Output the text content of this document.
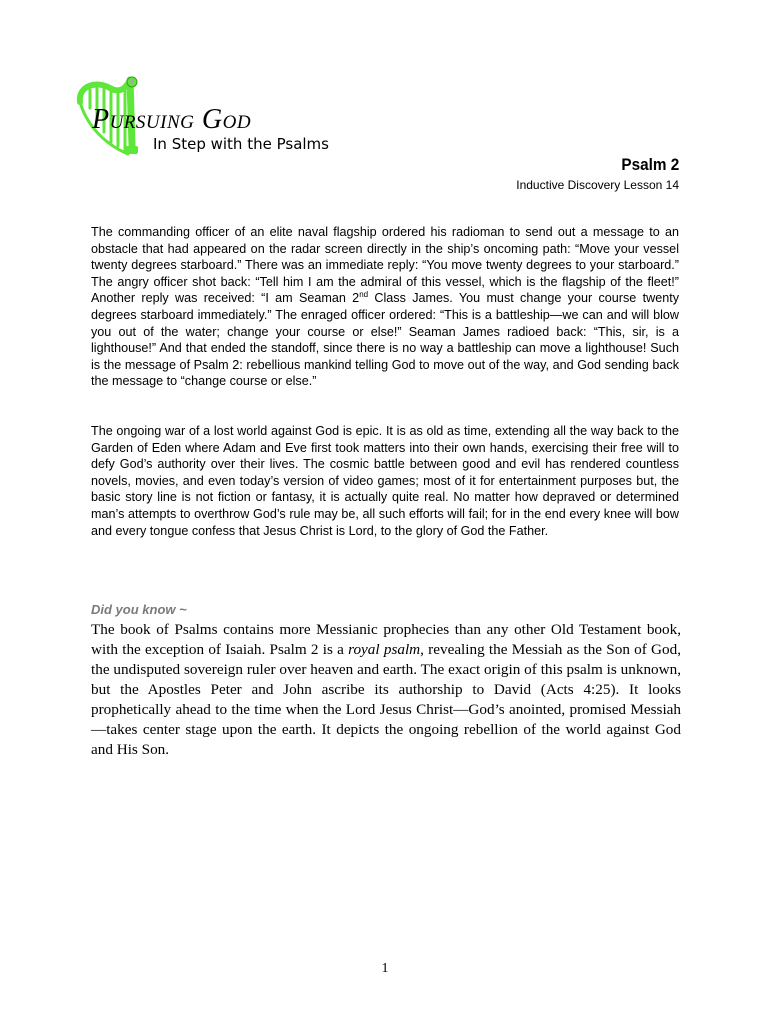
PURSUING GOD
In Step with the Psalms
Psalm 2
Inductive Discovery Lesson 14
The commanding officer of an elite naval flagship ordered his radioman to send out a message to an obstacle that had appeared on the radar screen directly in the ship’s oncoming path: “Move your vessel twenty degrees starboard.” There was an immediate reply: “You move twenty degrees to your starboard.” The angry officer shot back: “Tell him I am the admiral of this vessel, which is the flagship of the fleet!” Another reply was received: “I am Seaman 2nd Class James. You must change your course twenty degrees starboard immediately.” The enraged officer ordered: “This is a battleship—we can and will blow you out of the water; change your course or else!” Seaman James radioed back: “This, sir, is a lighthouse!” And that ended the standoff, since there is no way a battleship can move a lighthouse! Such is the message of Psalm 2: rebellious mankind telling God to move out of the way, and God sending back the message to “change course or else.”
The ongoing war of a lost world against God is epic. It is as old as time, extending all the way back to the Garden of Eden where Adam and Eve first took matters into their own hands, exercising their free will to defy God’s authority over their lives. The cosmic battle between good and evil has rendered countless novels, movies, and even today’s version of video games; most of it for entertainment purposes but, the basic story line is not fiction or fantasy, it is actually quite real. No matter how depraved or determined man’s attempts to overthrow God’s rule may be, all such efforts will fail; for in the end every knee will bow and every tongue confess that Jesus Christ is Lord, to the glory of God the Father.
Did you know ~
The book of Psalms contains more Messianic prophecies than any other Old Testament book, with the exception of Isaiah. Psalm 2 is a royal psalm, revealing the Messiah as the Son of God, the undisputed sovereign ruler over heaven and earth. The exact origin of this psalm is unknown, but the Apostles Peter and John ascribe its authorship to David (Acts 4:25). It looks prophetically ahead to the time when the Lord Jesus Christ—God’s anointed, promised Messiah—takes center stage upon the earth. It depicts the ongoing rebellion of the world against God and His Son.
1
